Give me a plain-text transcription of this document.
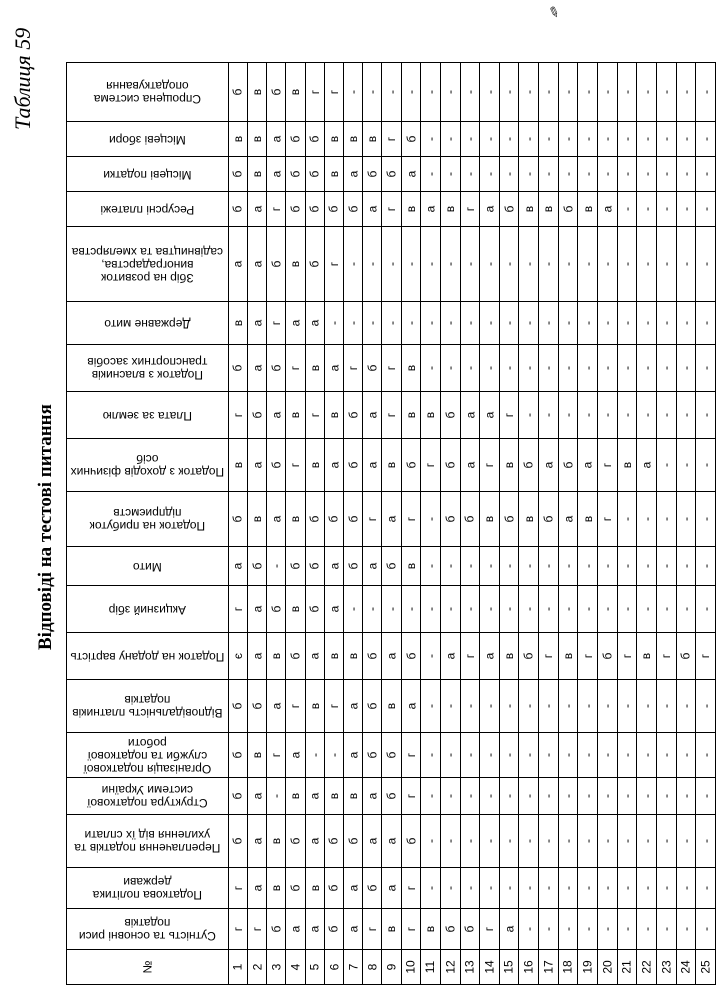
Таблиця 59
Відповіді на тестові питання
✎
Спрощена система оподаткування	б	в	б	в	г	г	-	-	-	-	-	-	-	-	-	-	-	-	-	-	-	-	-	-	-

Місцеві збори	в	в	а	б	б	в	в	в	г	б	-	-	-	-	-	-	-	-	-	-	-	-	-	-	-

Місцеві податки	б	в	а	б	б	в	а	б	б	а	-	-	-	-	-	-	-	-	-	-	-	-	-	-	-

Ресурсні платежі	б	а	г	б	б	б	б	а	г	в	а	в	г	а	б	в	в	б	в	а	-	-	-	-	-

Збір на розвиток виноградарства, садівництва та хмелярства	а	а	б	в	б	г	-	-	-	-	-	-	-	-	-	-	-	-	-	-	-	-	-	-	-

Державне мито	в	а	г	а	а	-	-	-	-	-	-	-	-	-	-	-	-	-	-	-	-	-	-	-	-

Податок з власників транспортних засобів	б	а	б	г	в	а	г	б	г	в	-	-	-	-	-	-	-	-	-	-	-	-	-	-	-

Плата за землю	г	б	а	в	г	в	б	а	г	в	в	б	а	а	г	-	-	-	-	-	-	-	-	-	-

Податок з доходів фізичних осіб	в	а	б	г	в	а	б	а	в	б	г	б	а	г	в	б	а	б	а	г	в	а	-	-	-

Податок на прибуток підприємств	б	в	а	в	б	б	б	г	а	г	-	б	б	в	б	в	б	а	в	г	-	-	-	-	-

Мито	а	б	-	б	б	а	б	а	б	в	-	-	-	-	-	-	-	-	-	-	-	-	-	-	-

Акцизний збір	г	а	б	в	б	а	-	-	-	-	-	-	-	-	-	-	-	-	-	-	-	-	-	-	-

Податок на додану вартість	є	а	в	б	а	в	в	б	а	б	-	а	г	а	в	б	г	в	г	б	г	в	г	б	г

Відповідальність платників податків	б	б	а	г	в	г	а	б	в	а	-	-	-	-	-	-	-	-	-	-	-	-	-	-	-

Організація податкової служби та податкової роботи	б	в	г	а	-	-	а	б	б	г	-	-	-	-	-	-	-	-	-	-	-	-	-	-	-

Структура податкової системи України	б	а	-	в	а	в	в	а	б	г	-	-	-	-	-	-	-	-	-	-	-	-	-	-	-

Переплачення податків та ухилення від їх сплати	б	а	в	б	а	б	б	а	а	б	-	-	-	-	-	-	-	-	-	-	-	-	-	-	-

Податкова політика держави	г	а	в	б	в	б	а	б	а	г	-	-	-	-	-	-	-	-	-	-	-	-	-	-	-

Сутність та основні риси податків	г	г	б	а	а	б	а	г	в	г	в	б	б	г	а	-	-	-	-	-	-	-	-	-	-
№	1	2	3	4	5	6	7	8	9	10	11	12	13	14	15	16	17	18	19	20	21	22	23	24	25
